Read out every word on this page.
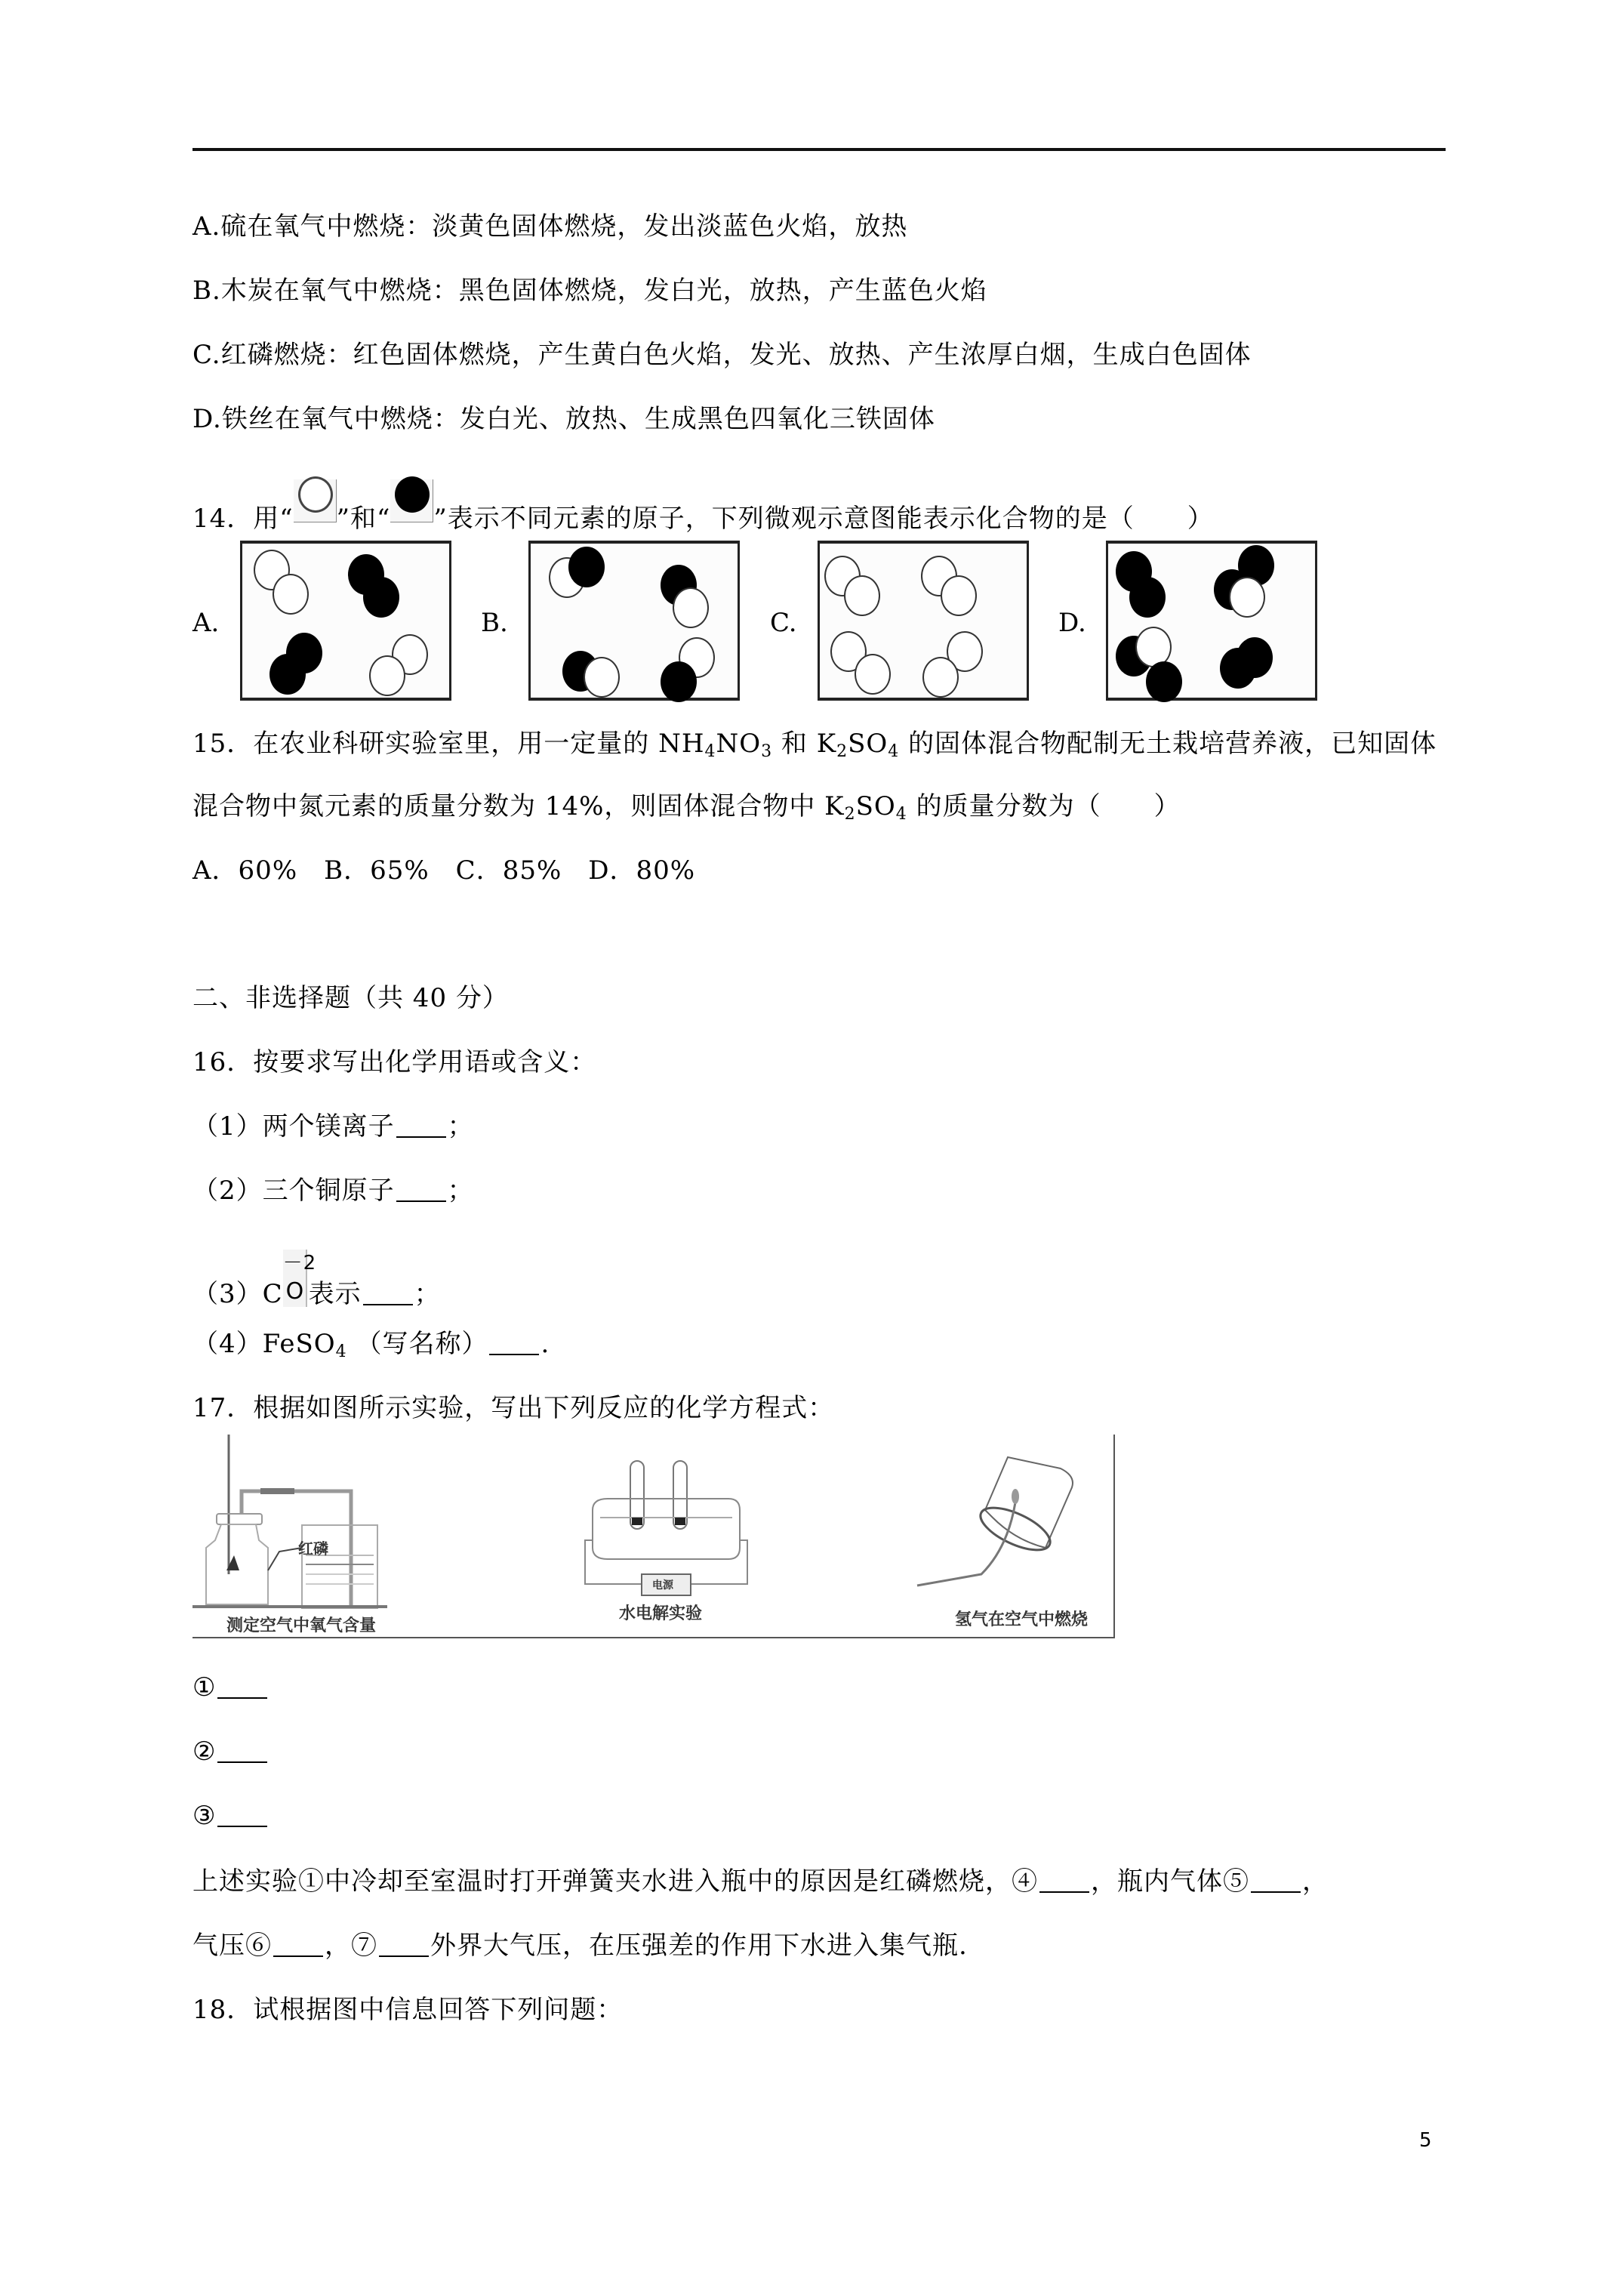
A.硫在氧气中燃烧：淡黄色固体燃烧，发出淡蓝色火焰，放热
B.木炭在氧气中燃烧：黑色固体燃烧，发白光，放热，产生蓝色火焰
C.红磷燃烧：红色固体燃烧，产生黄白色火焰，发光、放热、产生浓厚白烟，生成白色固体
D.铁丝在氧气中燃烧：发白光、放热、生成黑色四氧化三铁固体
14．用“ ”和“ ”表示不同元素的原子，下列微观示意图能表示化合物的是（　　）
A.	B.	C.	D.
15．在农业科研实验室里，用一定量的 $NH_4NO_3$ 和 $K_2SO_4$ 的固体混合物配制无土栽培营养液，已知固体
混合物中氮元素的质量分数为 14%，则固体混合物中 $K_2SO_4$ 的质量分数为（　　）
A．60%　B．65%　C．85%　D．80%
二、非选择题（共 40 分）
16．按要求写出化学用语或含义：
（1）两个镁离子 ；
（2）三个铜原子 ；
（3）C
－2
O 表示 ；
（4）FeSO$_4$ （写名称） .
17．根据如图所示实验，写出下列反应的化学方程式：
红磷
测定空气中氧气含量
电源
水电解实验	氢气在空气中燃烧
①
②
③
上述实验①中冷却至室温时打开弹簧夹水进入瓶中的原因是红磷燃烧，④ ，瓶内气体⑤ ，
气压⑥ ，⑦ 外界大气压，在压强差的作用下水进入集气瓶.
18．试根据图中信息回答下列问题：
5
